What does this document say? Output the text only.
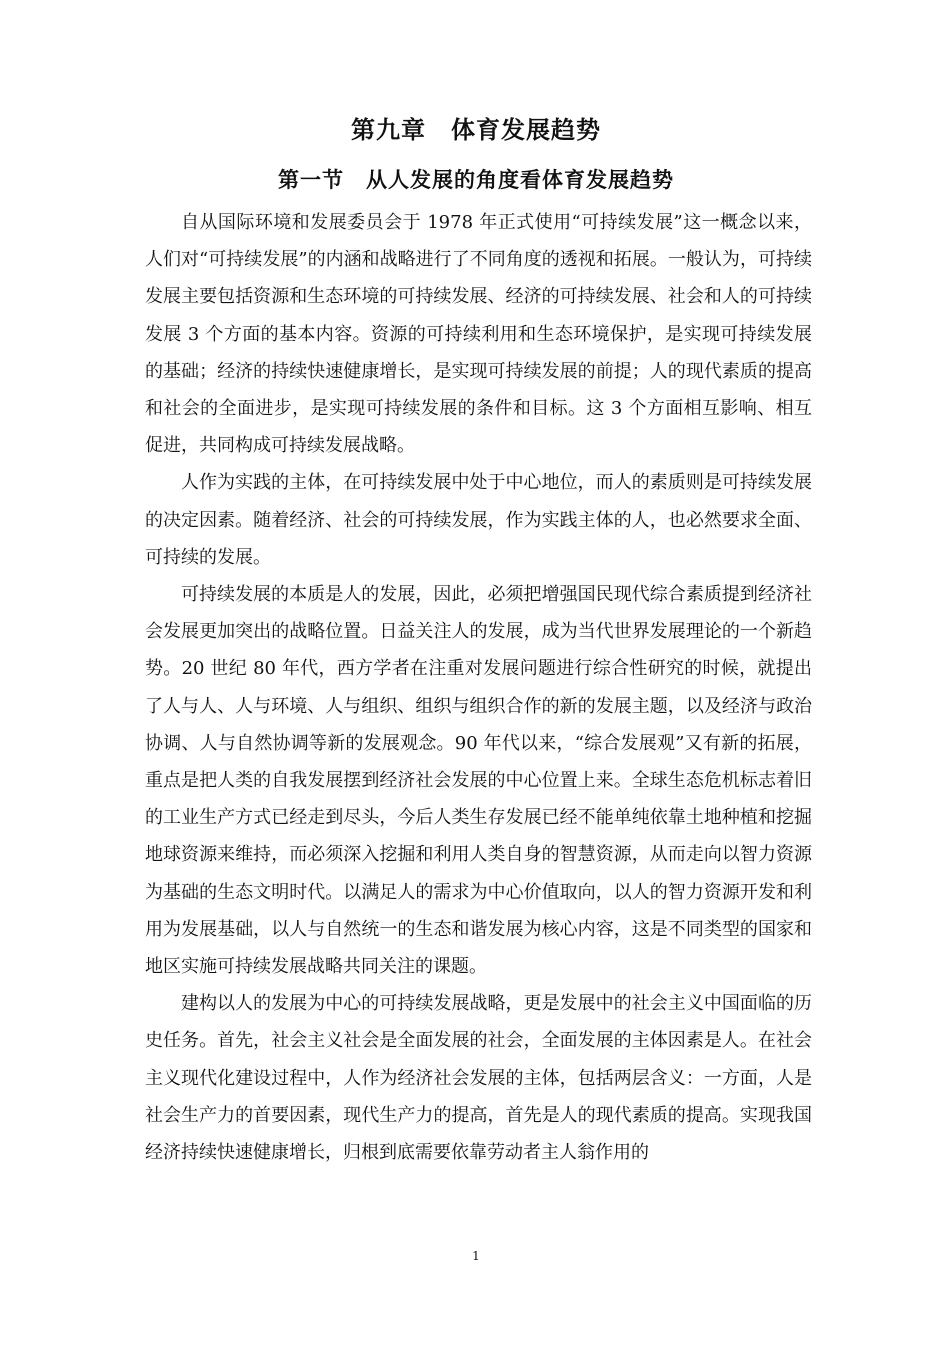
第九章　体育发展趋势
第一节　从人发展的角度看体育发展趋势

自从国际环境和发展委员会于 1978 年正式使用“可持续发展”这一概念以来，人们对“可持续发展”的内涵和战略进行了不同角度的透视和拓展。一般认为，可持续发展主要包括资源和生态环境的可持续发展、经济的可持续发展、社会和人的可持续发展 3 个方面的基本内容。资源的可持续利用和生态环境保护，是实现可持续发展的基础；经济的持续快速健康增长，是实现可持续发展的前提；人的现代素质的提高和社会的全面进步，是实现可持续发展的条件和目标。这 3 个方面相互影响、相互促进，共同构成可持续发展战略。

人作为实践的主体，在可持续发展中处于中心地位，而人的素质则是可持续发展的决定因素。随着经济、社会的可持续发展，作为实践主体的人，也必然要求全面、可持续的发展。

可持续发展的本质是人的发展，因此，必须把增强国民现代综合素质提到经济社会发展更加突出的战略位置。日益关注人的发展，成为当代世界发展理论的一个新趋势。20 世纪 80 年代，西方学者在注重对发展问题进行综合性研究的时候，就提出了人与人、人与环境、人与组织、组织与组织合作的新的发展主题，以及经济与政治协调、人与自然协调等新的发展观念。90 年代以来，“综合发展观”又有新的拓展，重点是把人类的自我发展摆到经济社会发展的中心位置上来。全球生态危机标志着旧的工业生产方式已经走到尽头，今后人类生存发展已经不能单纯依靠土地种植和挖掘地球资源来维持，而必须深入挖掘和利用人类自身的智慧资源，从而走向以智力资源为基础的生态文明时代。以满足人的需求为中心价值取向，以人的智力资源开发和利用为发展基础，以人与自然统一的生态和谐发展为核心内容，这是不同类型的国家和地区实施可持续发展战略共同关注的课题。

建构以人的发展为中心的可持续发展战略，更是发展中的社会主义中国面临的历史任务。首先，社会主义社会是全面发展的社会，全面发展的主体因素是人。在社会主义现代化建设过程中，人作为经济社会发展的主体，包括两层含义：一方面，人是社会生产力的首要因素，现代生产力的提高，首先是人的现代素质的提高。实现我国经济持续快速健康增长，归根到底需要依靠劳动者主人翁作用的

1
